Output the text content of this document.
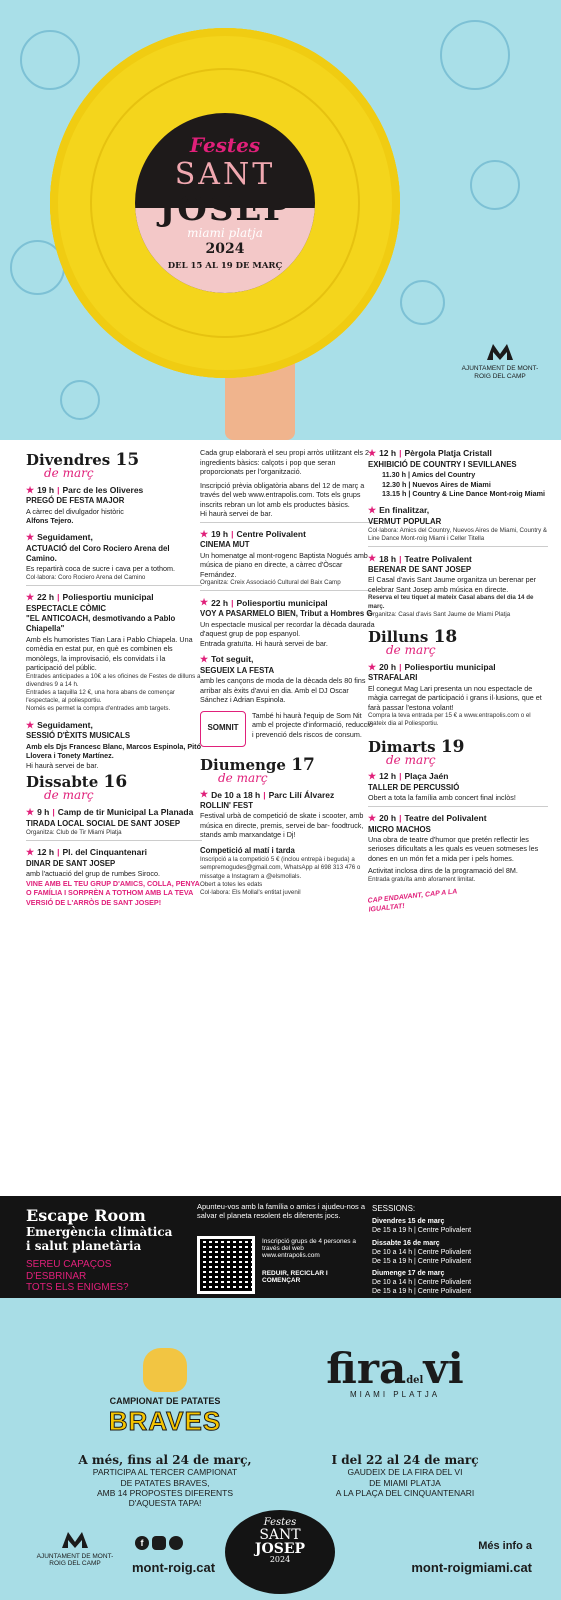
Festes
SANT
JOSEP
miami platja
2024
DEL 15 AL 19 DE MARÇ
AJUNTAMENT DE MONT-ROIG DEL CAMP
Divendres 15
de març
★ 19 h | Parc de les Oliveres
PREGÓ DE FESTA MAJOR
A càrrec del divulgador històric
Alfons Tejero.
★ Seguidament,
ACTUACIÓ del Coro Rociero Arena del Camino.
Es repartirà coca de sucre i cava per a tothom.
Col·labora: Coro Rociero Arena del Camino
★ 22 h | Poliesportiu municipal
ESPECTACLE CÒMIC
"EL ANTICOACH, desmotivando a Pablo Chiapella"
Amb els humoristes Tian Lara i Pablo Chiapela. Una comèdia en estat pur, en què es combinen els monòlegs, la improvisació, els convidats i la participació del públic.
Entrades anticipades a 10€ a les oficines de Festes de dilluns a divendres 9 a 14 h.
Entrades a taquilla 12 €, una hora abans de començar l'espectacle, al poliesportiu.
Només es permet la compra d'entrades amb targets.
★ Seguidament,
SESSIÓ D'ÈXITS MUSICALS
Amb els Djs Francesc Blanc, Marcos Espinola, Pitó Llovera i Tonety Martínez.
Hi haurà servei de bar.
Dissabte 16
de març
★ 9 h | Camp de tir Municipal La Planada
TIRADA LOCAL SOCIAL DE SANT JOSEP
Organitza: Club de Tir Miami Platja
★ 12 h | Pl. del Cinquantenari
DINAR DE SANT JOSEP
amb l'actuació del grup de rumbes Siroco.
VINE AMB EL TEU GRUP D'AMICS, COLLA, PENYA O FAMÍLIA I SORPRÈN A TOTHOM AMB LA TEVA VERSIÓ DE L'ARRÒS DE SANT JOSEP!
Cada grup elaborarà el seu propi arròs utilitzant els 2 ingredients bàsics: calçots i pop que seran proporcionats per l'organització.
Inscripció prèvia obligatòria abans del 12 de març a través del web www.entrapolis.com. Tots els grups inscrits rebran un lot amb els productes bàsics.
Hi haurà servei de bar.
★ 19 h | Centre Polivalent
CINEMA MUT
Un homenatge al mont-rogenc Baptista Nogués amb música de piano en directe, a càrrec d'Òscar Fernández.
Organitza: Creix Associació Cultural del Baix Camp
★ 22 h | Poliesportiu municipal
VOY A PASARMELO BIEN, Tribut a Hombres G
Un espectacle musical per recordar la dècada daurada d'aquest grup de pop espanyol.
Entrada gratuïta. Hi haurà servei de bar.
★ Tot seguit,
SEGUEIX LA FESTA
amb les cançons de moda de la dècada dels 80 fins arribar als èxits d'avui en dia. Amb el DJ Oscar Sánchez i Adrian Espinola.
SOMNIT
També hi haurà l'equip de Som Nit amb el projecte d'informació, reducció i prevenció dels riscos de consum.
Diumenge 17
de març
★ De 10 a 18 h | Parc Lilí Álvarez
ROLLIN' FEST
Festival urbà de competició de skate i scooter, amb música en directe, premis, servei de bar- foodtruck, stands amb marxandatge i Dj!
Competició al matí i tarda
Inscripció a la competició 5 € (inclou entrepà i beguda) a sempremogudes@gmail.com, WhatsApp al 698 313 476 o missatge a Instagram a @elsmollals.
Obert a totes les edats
Col·labora: Els Mollal's entitat juvenil
★ 12 h | Pèrgola Platja Cristall
EXHIBICIÓ DE COUNTRY I SEVILLANES
11.30 h | Amics del Country
12.30 h | Nuevos Aires de Miami
13.15 h | Country & Line Dance Mont-roig Miami
★ En finalitzar,
VERMUT POPULAR
Col·labora: Amics del Country, Nuevos Aires de Miami, Country & Line Dance Mont-roig Miami i Celler Titella
★ 18 h | Teatre Polivalent
BERENAR DE SANT JOSEP
El Casal d'avis Sant Jaume organitza un berenar per celebrar Sant Josep amb música en directe.
Reserva el teu tiquet al mateix Casal abans del dia 14 de març.
Organitza: Casal d'avis Sant Jaume de Miami Platja
Dilluns 18
de març
★ 20 h | Poliesportiu municipal
STRAFALARI
El conegut Mag Lari presenta un nou espectacle de màgia carregat de participació i grans il·lusions, que et farà passar l'estona volant!
Compra la teva entrada per 15 € a www.entrapolis.com o el mateix dia al Poliesportiu.
Dimarts 19
de març
★ 12 h | Plaça Jaén
TALLER DE PERCUSSIÓ
Obert a tota la família amb concert final inclòs!
★ 20 h | Teatre del Polivalent
MICRO MACHOS
Una obra de teatre d'humor que pretén reflectir les serioses dificultats a les quals es veuen sotmeses les dones en un món fet a mida per i pels homes.
Activitat inclosa dins de la programació del 8M.
Entrada gratuïta amb aforament limitat.
CAP ENDAVANT, CAP A LA IGUALTAT!
Escape Room
Emergència climàtica
i salut planetària
SEREU CAPAÇOS
D'ESBRINAR
TOTS ELS ENIGMES?
Apunteu-vos amb la família o amics i ajudeu-nos a salvar el planeta resolent els diferents jocs.
Inscripció grups de 4 persones a través del web www.entrapolis.com
REDUIR, RECICLAR I COMENÇAR
SESSIONS:
Divendres 15 de març
De 15 a 19 h | Centre Polivalent
Dissabte 16 de març
De 10 a 14 h | Centre Polivalent
De 15 a 19 h | Centre Polivalent
Diumenge 17 de març
De 10 a 14 h | Centre Polivalent
De 15 a 19 h | Centre Polivalent
CAMPIONAT DE PATATES
BRAVES
firadelvi
MIAMI PLATJA
A més, fins al 24 de març,
PARTICIPA AL TERCER CAMPIONAT
DE PATATES BRAVES,
AMB 14 PROPOSTES DIFERENTS
D'AQUESTA TAPA!
I del 22 al 24 de març
GAUDEIX DE LA FIRA DEL VI
DE MIAMI PLATJA
A LA PLAÇA DEL CINQUANTENARI
Festes
SANT
JOSEP
2024
AJUNTAMENT DE MONT-ROIG DEL CAMP
f
mont-roig.cat
Més info a
mont-roigmiami.cat
